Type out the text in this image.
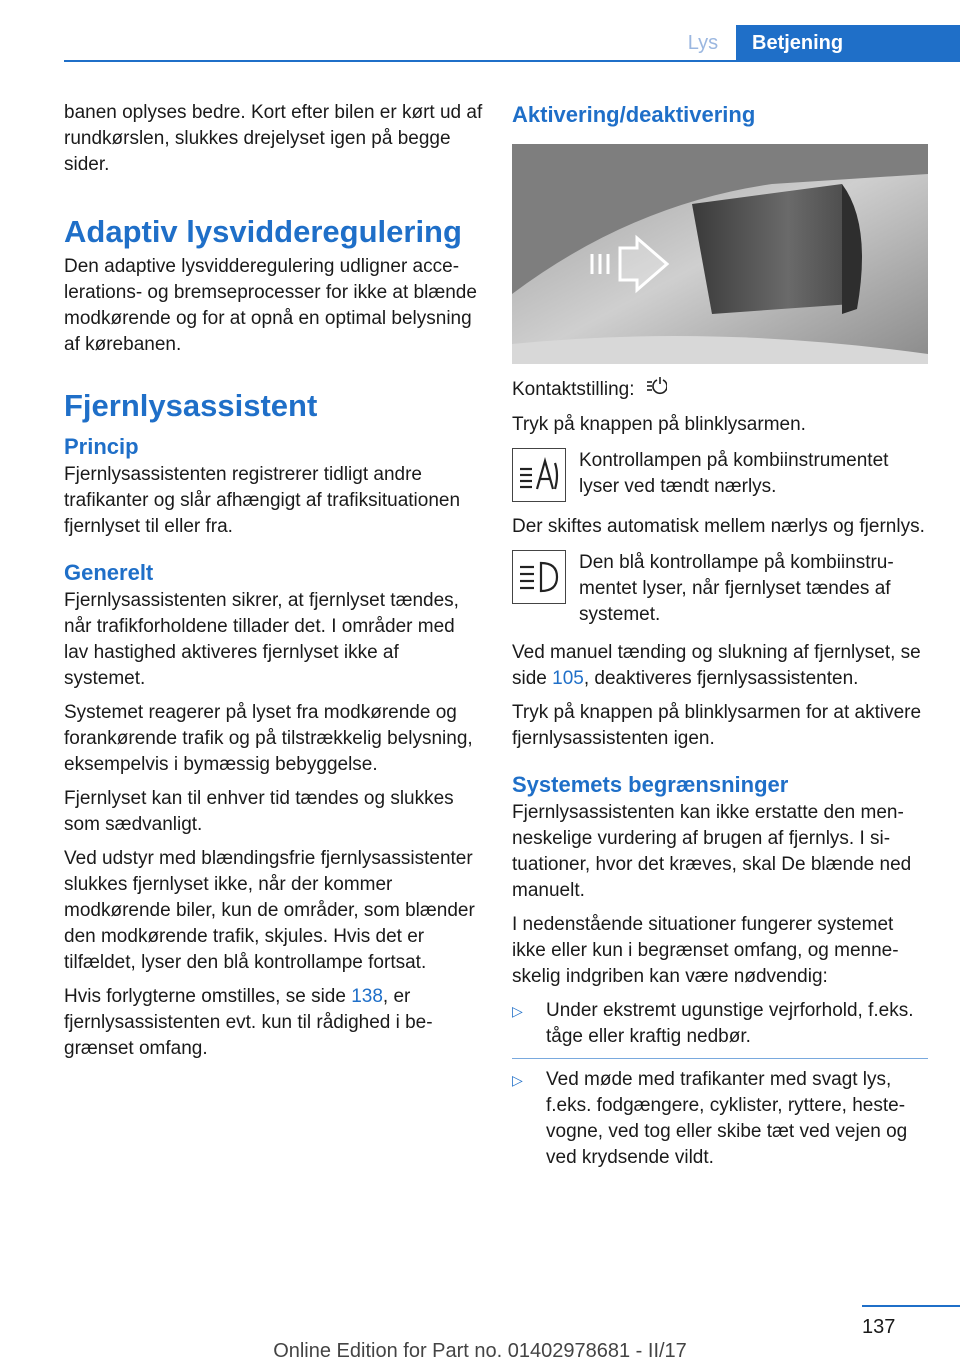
Lys	Betjening

banen oplyses bedre. Kort efter bilen er kørt ud af rundkørslen, slukkes drejelyset igen på begge sider.

Adaptiv lysvidderegulering

Den adaptive lysvidderegulering udligner accelerations- og bremseprocesser for ikke at blænde modkørende og for at opnå en optimal belysning af kørebanen.

Fjernlysassistent
Princip

Fjernlysassistenten registrerer tidligt andre trafikanter og slår afhængigt af trafiksituationen fjernlyset til eller fra.

Generelt

Fjernlysassistenten sikrer, at fjernlyset tændes, når trafikforholdene tillader det. I områder med lav hastighed aktiveres fjernlyset ikke af systemet.

Systemet reagerer på lyset fra modkørende og forankørende trafik og på tilstrækkelig belysning, eksempelvis i bymæssig bebyggelse.

Fjernlyset kan til enhver tid tændes og slukkes som sædvanligt.

Ved udstyr med blændingsfrie fjernlysassistenter slukkes fjernlyset ikke, når der kommer modkørende biler, kun de områder, som blænder den modkørende trafik, skjules. Hvis det er tilfældet, lyser den blå kontrollampe fortsat.

Hvis forlygterne omstilles, se side 138, er fjernlysassistenten evt. kun til rådighed i begrænset omfang.

Aktivering/deaktivering

Kontaktstilling:

Tryk på knappen på blinklysarmen.

Kontrollampen på kombiinstrumentet lyser ved tændt nærlys.

Der skiftes automatisk mellem nærlys og fjernlys.

Den blå kontrollampe på kombiinstrumentet lyser, når fjernlyset tændes af systemet.

Ved manuel tænding og slukning af fjernlyset, se side 105, deaktiveres fjernlysassistenten.

Tryk på knappen på blinklysarmen for at aktivere fjernlysassistenten igen.

Systemets begrænsninger

Fjernlysassistenten kan ikke erstatte den menneskelige vurdering af brugen af fjernlys. I situationer, hvor det kræves, skal De blænde ned manuelt.

I nedenstående situationer fungerer systemet ikke eller kun i begrænset omfang, og menneskelig indgriben kan være nødvendig:

▷ Under ekstremt ugunstige vejrforhold, f.eks. tåge eller kraftig nedbør.
▷ Ved møde med trafikanter med svagt lys, f.eks. fodgængere, cyklister, ryttere, hestevogne, ved tog eller skibe tæt ved vejen og ved krydsende vildt.
137
Online Edition for Part no. 01402978681 - II/17
